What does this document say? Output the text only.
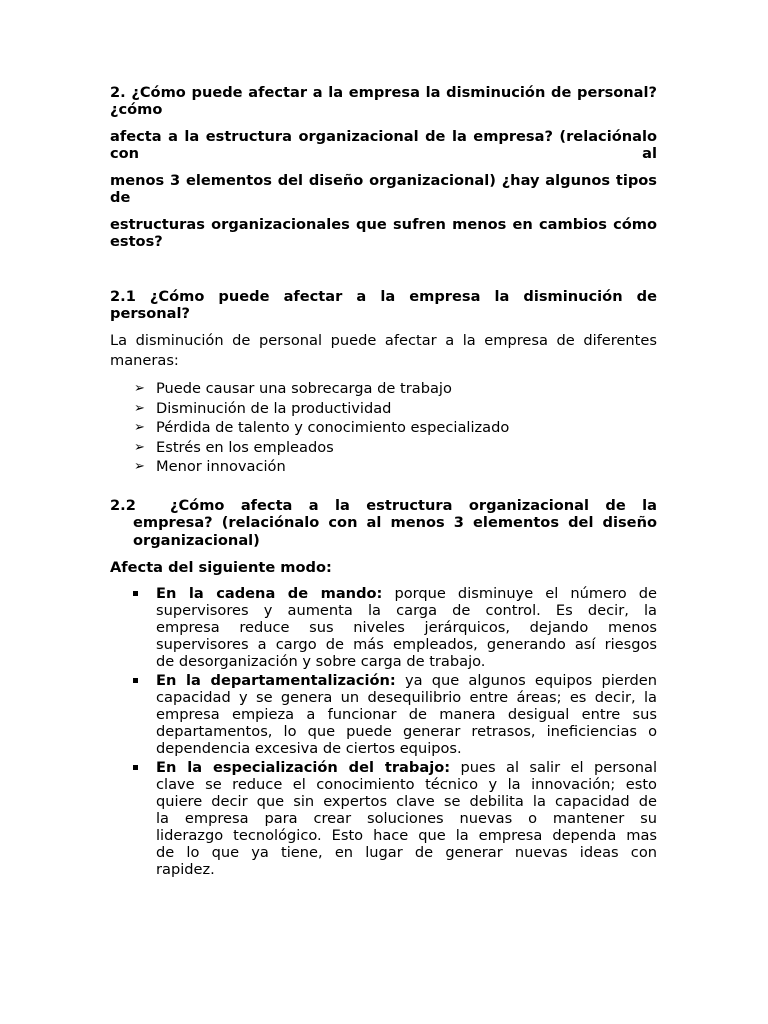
2. ¿Cómo puede afectar a la empresa la disminución de personal? ¿cómo

afecta a la estructura organizacional de la empresa? (relaciónalo con al

menos 3 elementos del diseño organizacional) ¿hay algunos tipos de

estructuras organizacionales que sufren menos en cambios cómo estos?

2.1 ¿Cómo puede afectar a la empresa la disminución de

personal?

La disminución de personal puede afectar a la empresa de diferentes
maneras:

➢ Puede causar una sobrecarga de trabajo
➢ Disminución de la productividad
➢ Pérdida de talento y conocimiento especializado
➢ Estrés en los empleados
➢ Menor innovación

2.2 ¿Cómo afecta a la estructura organizacional de la

empresa? (relaciónalo con al menos 3 elementos del diseño

organizacional)

Afecta del siguiente modo:

En la cadena de mando: porque disminuye el número de
supervisores y aumenta la carga de control. Es decir, la
empresa reduce sus niveles jerárquicos, dejando menos
supervisores a cargo de más empleados, generando así riesgos
de desorganización y sobre carga de trabajo.
En la departamentalización: ya que algunos equipos pierden
capacidad y se genera un desequilibrio entre áreas; es decir, la
empresa empieza a funcionar de manera desigual entre sus
departamentos, lo que puede generar retrasos, ineficiencias o
dependencia excesiva de ciertos equipos.
En la especialización del trabajo: pues al salir el personal
clave se reduce el conocimiento técnico y la innovación; esto
quiere decir que sin expertos clave se debilita la capacidad de
la empresa para crear soluciones nuevas o mantener su
liderazgo tecnológico. Esto hace que la empresa dependa mas
de lo que ya tiene, en lugar de generar nuevas ideas con
rapidez.
